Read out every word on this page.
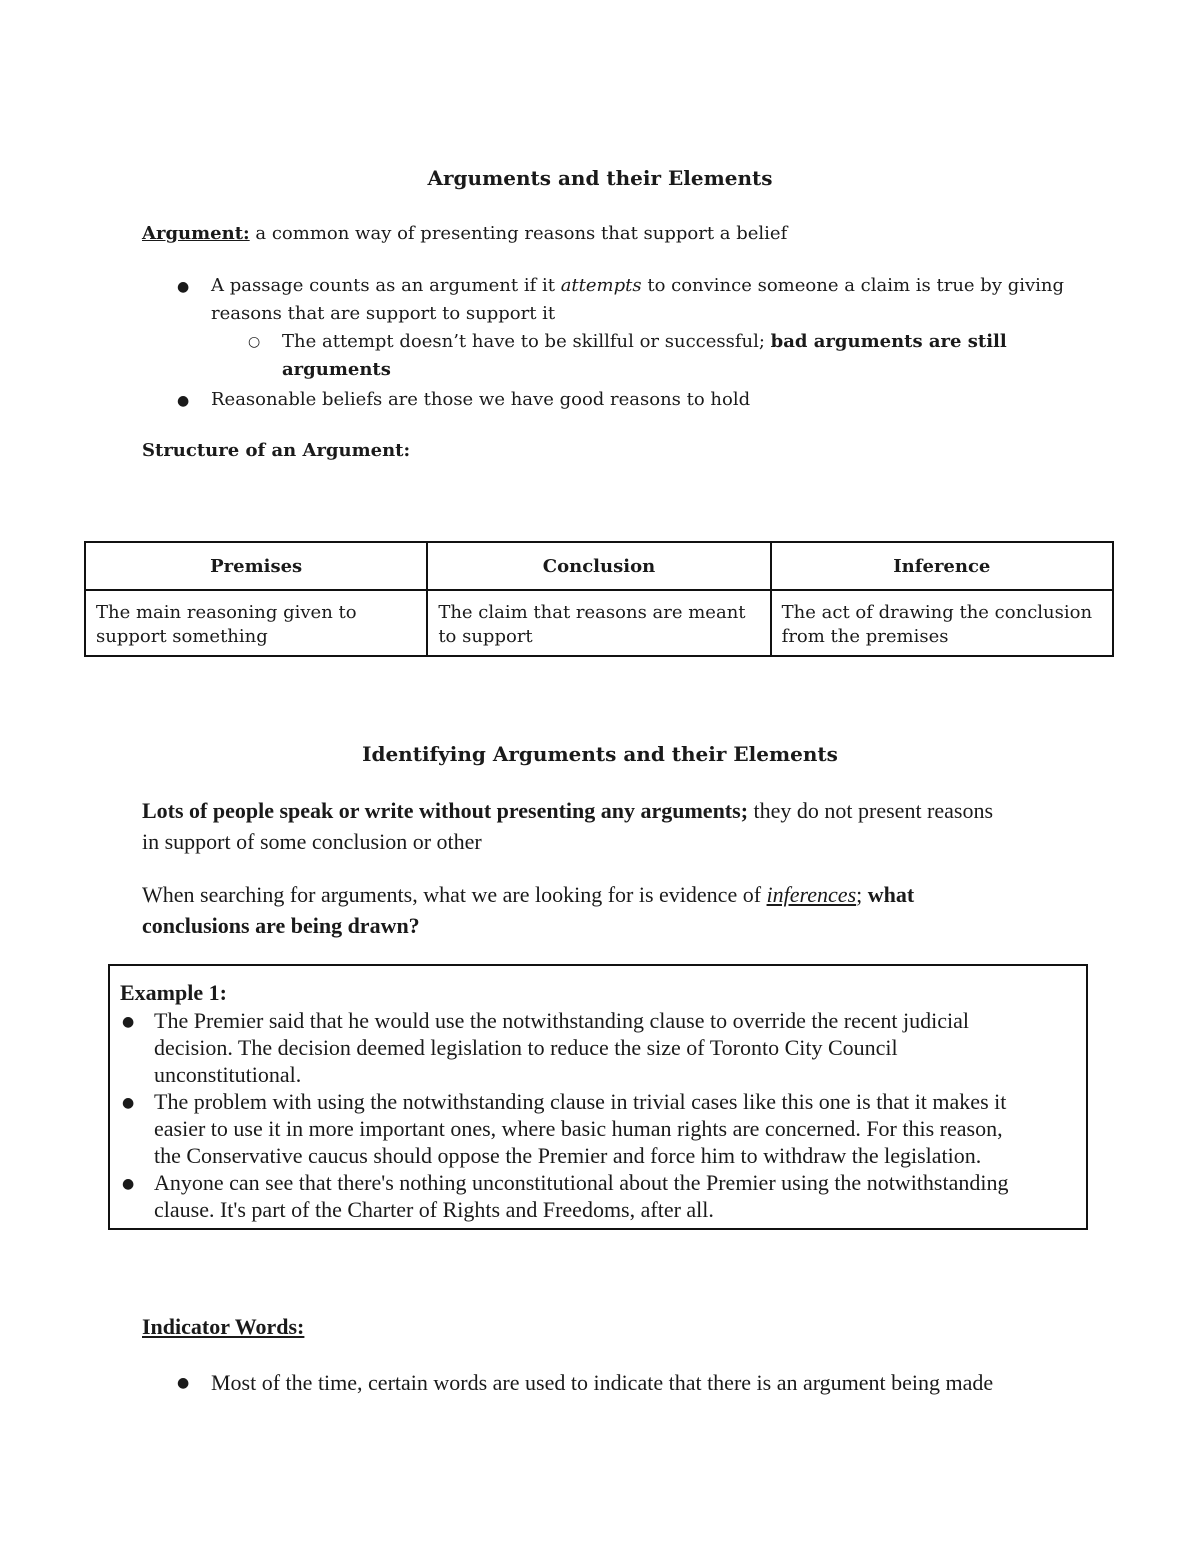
Arguments and their Elements
Argument: a common way of presenting reasons that support a belief
● A passage counts as an argument if it attempts to convince someone a claim is true by giving
reasons that are support to support it
○ The attempt doesn’t have to be skillful or successful; bad arguments are still
arguments
● Reasonable beliefs are those we have good reasons to hold
Structure of an Argument:
Premises	Conclusion	Inference
The main reasoning given to support something	The claim that reasons are meant to support	The act of drawing the conclusion from the premises
Identifying Arguments and their Elements
Lots of people speak or write without presenting any arguments; they do not present reasons
in support of some conclusion or other
When searching for arguments, what we are looking for is evidence of inferences; what
conclusions are being drawn?
Example 1:
● The Premier said that he would use the notwithstanding clause to override the recent judicial
decision. The decision deemed legislation to reduce the size of Toronto City Council
unconstitutional.
● The problem with using the notwithstanding clause in trivial cases like this one is that it makes it
easier to use it in more important ones, where basic human rights are concerned. For this reason,
the Conservative caucus should oppose the Premier and force him to withdraw the legislation.
● Anyone can see that there's nothing unconstitutional about the Premier using the notwithstanding
clause. It's part of the Charter of Rights and Freedoms, after all.
Indicator Words:
● Most of the time, certain words are used to indicate that there is an argument being made
